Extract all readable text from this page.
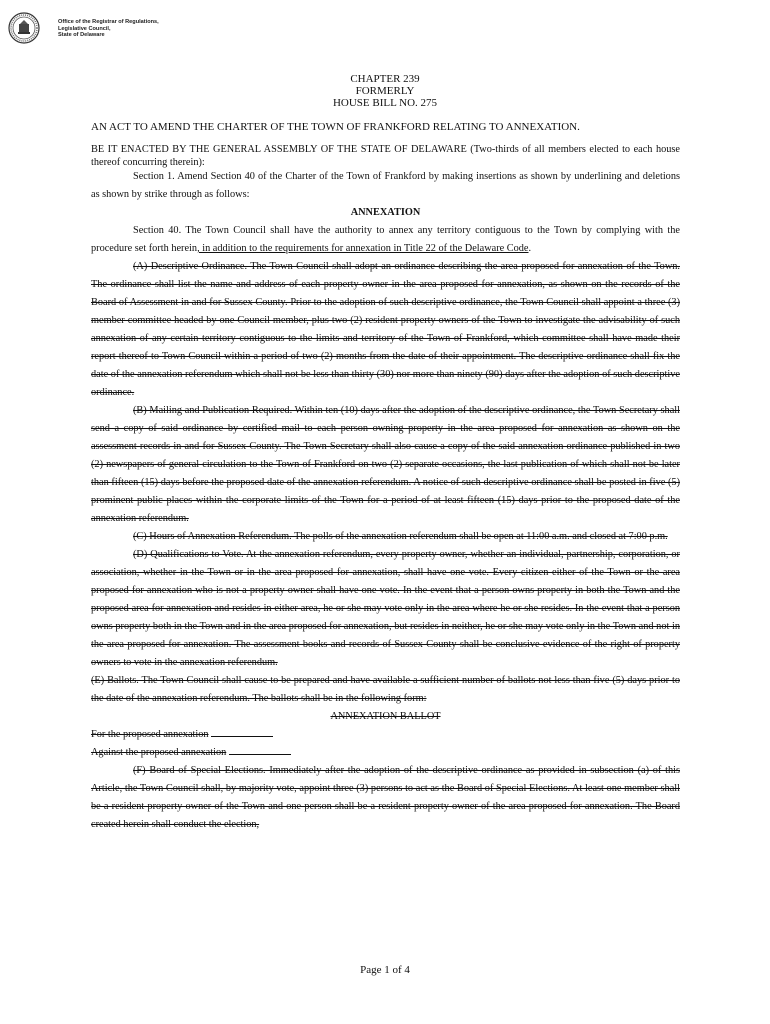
Office of the Registrar of Regulations,
Legislative Council,
State of Delaware
CHAPTER 239
FORMERLY
HOUSE BILL NO. 275
AN ACT TO AMEND THE CHARTER OF THE TOWN OF FRANKFORD RELATING TO ANNEXATION.
BE IT ENACTED BY THE GENERAL ASSEMBLY OF THE STATE OF DELAWARE (Two-thirds of all members elected to each house thereof concurring therein):

Section 1. Amend Section 40 of the Charter of the Town of Frankford by making insertions as shown by underlining and deletions as shown by strike through as follows:

ANNEXATION

Section 40. The Town Council shall have the authority to annex any territory contiguous to the Town by complying with the procedure set forth herein, in addition to the requirements for annexation in Title 22 of the Delaware Code.

(A) Descriptive Ordinance. The Town Council shall adopt an ordinance describing the area proposed for annexation of the Town. The ordinance shall list the name and address of each property owner in the area proposed for annexation, as shown on the records of the Board of Assessment in and for Sussex County. Prior to the adoption of such descriptive ordinance, the Town Council shall appoint a three (3) member committee headed by one Council member, plus two (2) resident property owners of the Town to investigate the advisability of such annexation of any certain territory contiguous to the limits and territory of the Town of Frankford, which committee shall have made their report thereof to Town Council within a period of two (2) months from the date of their appointment. The descriptive ordinance shall fix the date of the annexation referendum which shall not be less than thirty (30) nor more than ninety (90) days after the adoption of such descriptive ordinance.

(B) Mailing and Publication Required. Within ten (10) days after the adoption of the descriptive ordinance, the Town Secretary shall send a copy of said ordinance by certified mail to each person owning property in the area proposed for annexation as shown on the assessment records in and for Sussex County. The Town Secretary shall also cause a copy of the said annexation ordinance published in two (2) newspapers of general circulation to the Town of Frankford on two (2) separate occasions, the last publication of which shall not be later than fifteen (15) days before the proposed date of the annexation referendum. A notice of such descriptive ordinance shall be posted in five (5) prominent public places within the corporate limits of the Town for a period of at least fifteen (15) days prior to the proposed date of the annexation referendum.

(C) Hours of Annexation Referendum. The polls of the annexation referendum shall be open at 11:00 a.m. and closed at 7:00 p.m.

(D) Qualifications to Vote. At the annexation referendum, every property owner, whether an individual, partnership, corporation, or association, whether in the Town or in the area proposed for annexation, shall have one vote. Every citizen either of the Town or the area proposed for annexation who is not a property owner shall have one vote. In the event that a person owns property in both the Town and the proposed area for annexation and resides in either area, he or she may vote only in the area where he or she resides. In the event that a person owns property both in the Town and in the area proposed for annexation, but resides in neither, he or she may vote only in the Town and not in the area proposed for annexation. The assessment books and records of Sussex County shall be conclusive evidence of the right of property owners to vote in the annexation referendum.

(E) Ballots. The Town Council shall cause to be prepared and have available a sufficient number of ballots not less than five (5) days prior to the date of the annexation referendum. The ballots shall be in the following form:

ANNEXATION BALLOT

For the proposed annexation

Against the proposed annexation

(F) Board of Special Elections. Immediately after the adoption of the descriptive ordinance as provided in subsection (a) of this Article, the Town Council shall, by majority vote, appoint three (3) persons to act as the Board of Special Elections. At least one member shall be a resident property owner of the Town and one person shall be a resident property owner of the area proposed for annexation. The Board created herein shall conduct the election,

Page 1 of 4
